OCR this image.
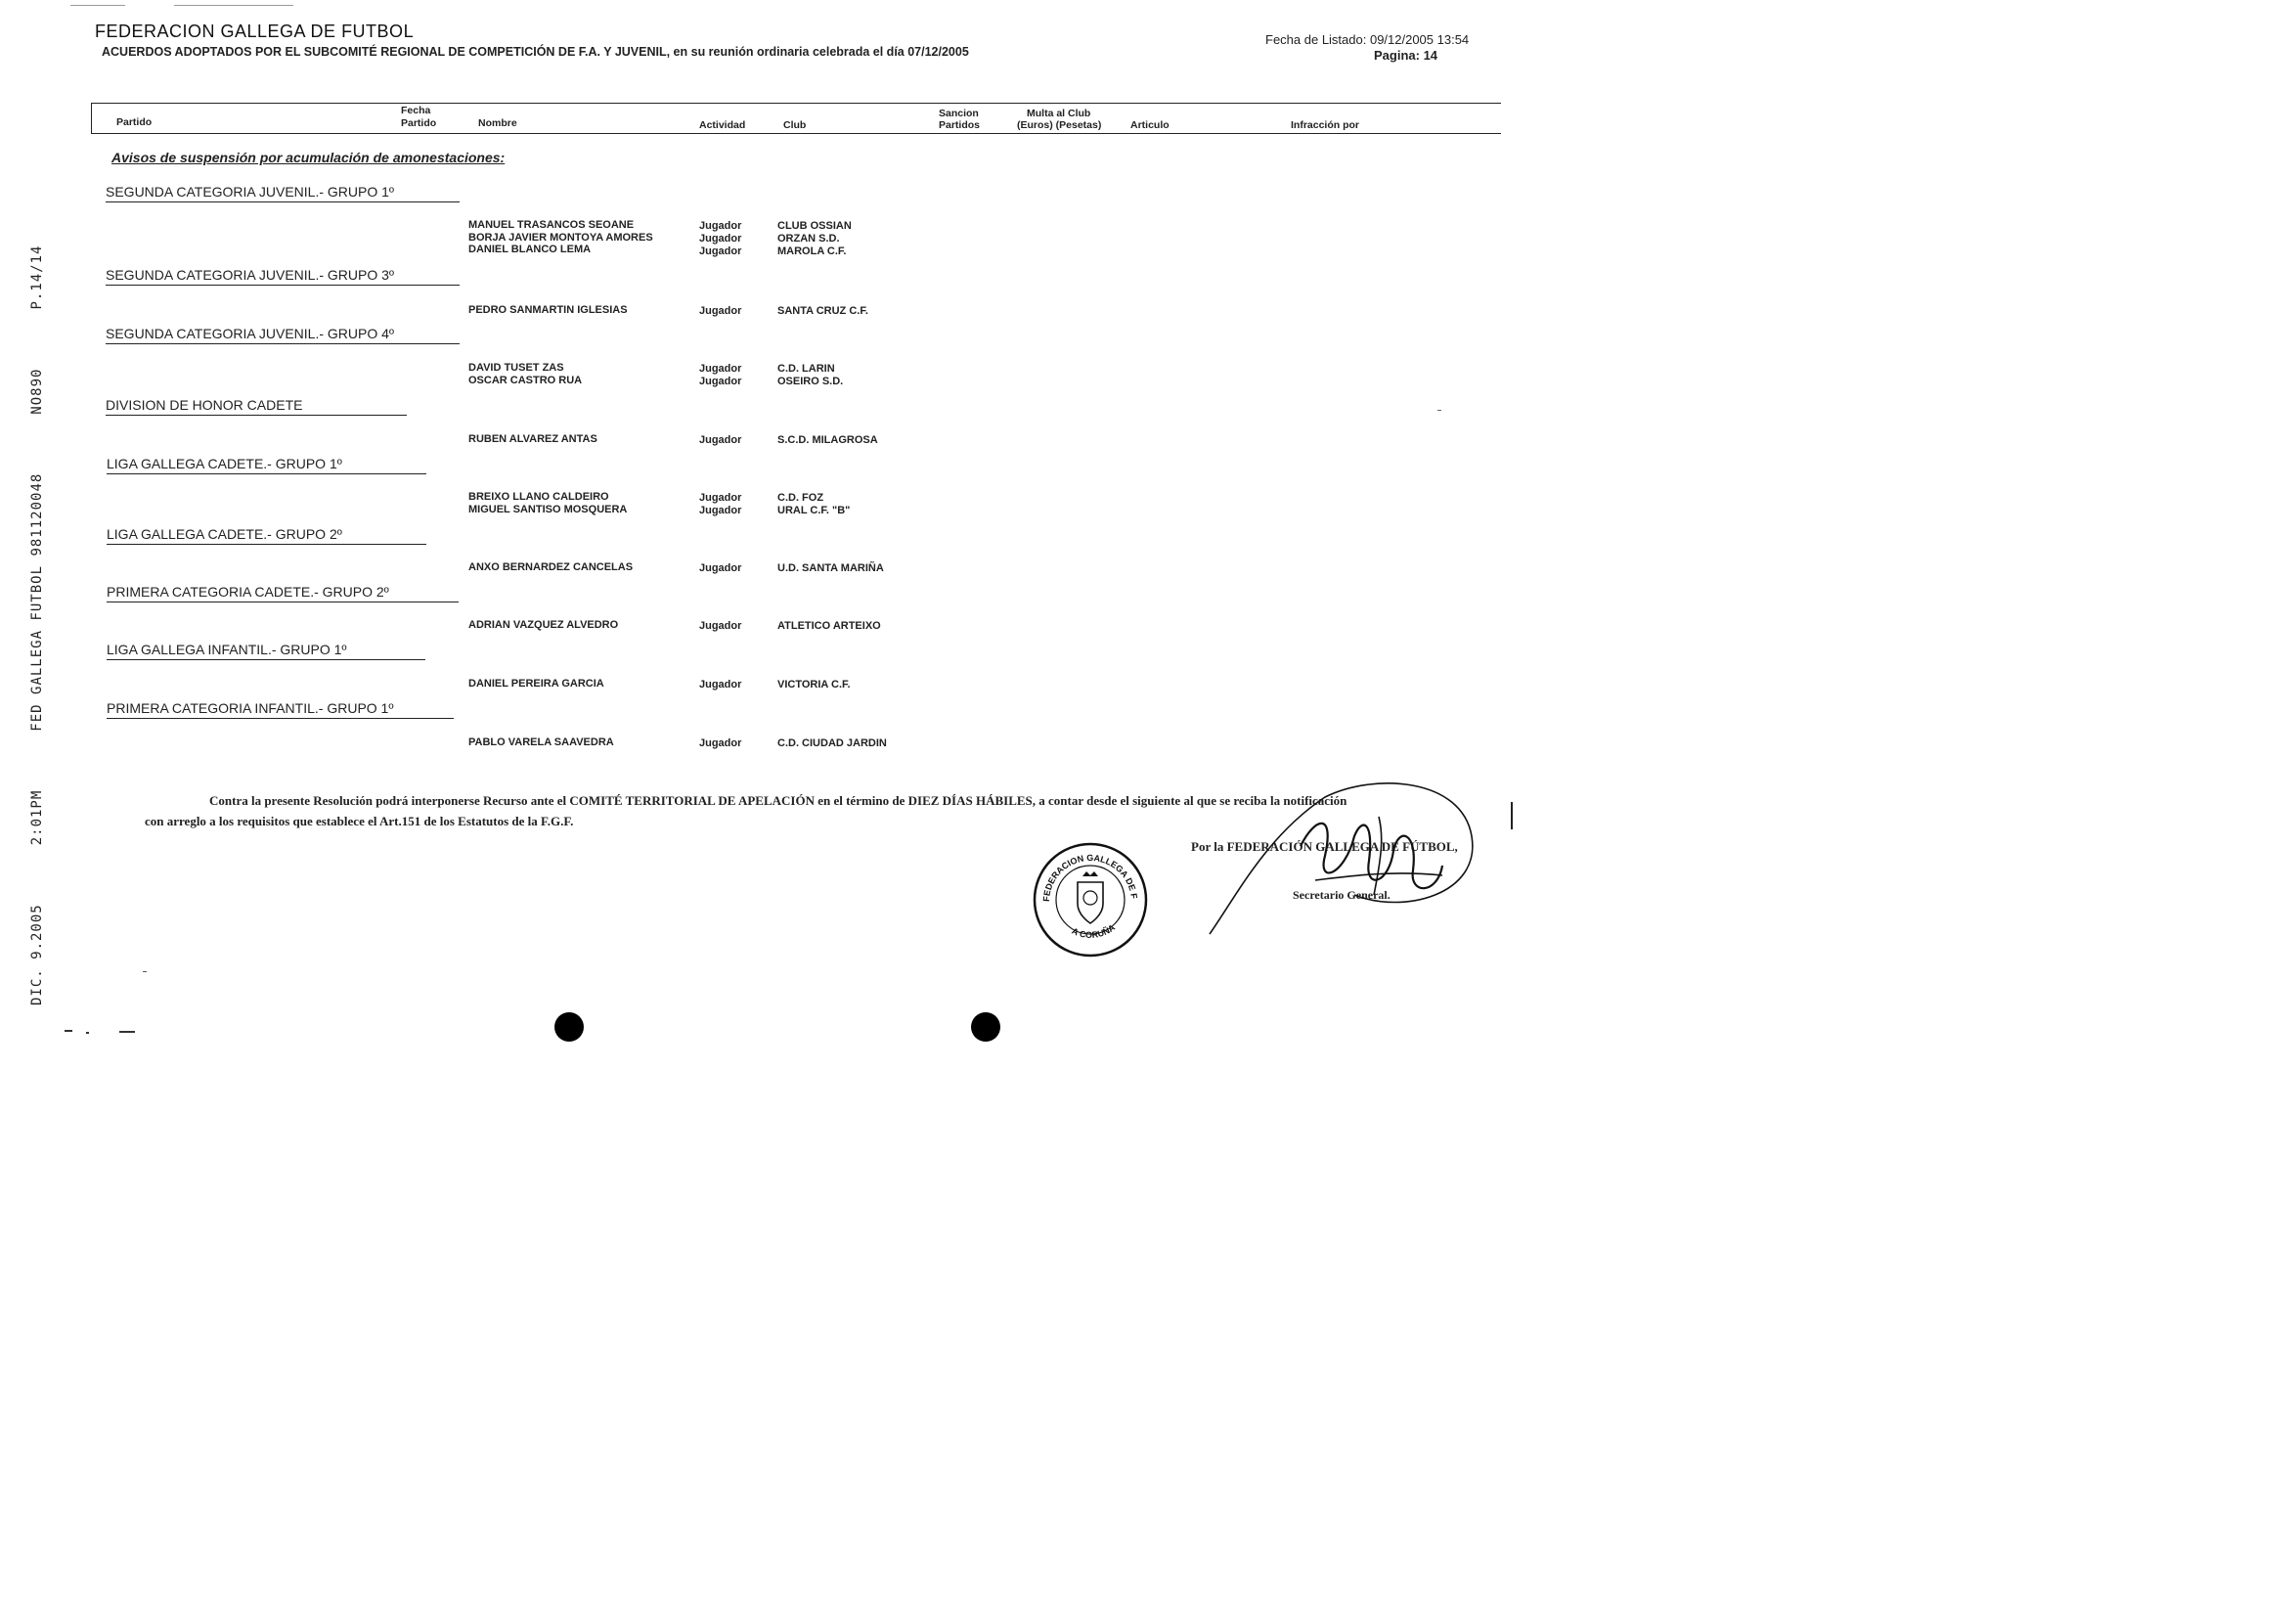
DIC. 9.20052:01PMFED GALLEGA FUTBOL 981120048NO890P.14/14
FEDERACION GALLEGA DE FUTBOL
ACUERDOS ADOPTADOS POR EL SUBCOMITÉ REGIONAL DE COMPETICIÓN DE F.A. Y JUVENIL, en su reunión ordinaria celebrada el día 07/12/2005
Fecha de Listado: 09/12/2005 13:54
Pagina: 14
Partido
Fecha
Partido	Nombre	Actividad	Club
Sancion
Partidos
Multa al Club
(Euros) (Pesetas)	Articulo	Infracción por
Avisos de suspensión por acumulación de amonestaciones:
SEGUNDA CATEGORIA JUVENIL.- GRUPO 1º
MANUEL TRASANCOS SEOANE	Jugador	CLUB OSSIAN
BORJA JAVIER MONTOYA AMORES	Jugador	ORZAN S.D.
DANIEL BLANCO LEMA	Jugador	MAROLA C.F.
SEGUNDA CATEGORIA JUVENIL.- GRUPO 3º
PEDRO SANMARTIN IGLESIAS	Jugador	SANTA CRUZ C.F.
SEGUNDA CATEGORIA JUVENIL.- GRUPO 4º
DAVID TUSET ZAS	Jugador	C.D. LARIN
OSCAR CASTRO RUA	Jugador	OSEIRO S.D.
DIVISION DE HONOR CADETE
RUBEN ALVAREZ ANTAS	Jugador	S.C.D. MILAGROSA
LIGA GALLEGA CADETE.- GRUPO 1º
BREIXO LLANO CALDEIRO	Jugador	C.D. FOZ
MIGUEL SANTISO MOSQUERA	Jugador	URAL C.F. "B"
LIGA GALLEGA CADETE.- GRUPO 2º
ANXO BERNARDEZ CANCELAS	Jugador	U.D. SANTA MARIÑA
PRIMERA CATEGORIA CADETE.- GRUPO 2º
ADRIAN VAZQUEZ ALVEDRO	Jugador	ATLETICO ARTEIXO
LIGA GALLEGA INFANTIL.- GRUPO 1º
DANIEL PEREIRA GARCIA	Jugador	VICTORIA C.F.
PRIMERA CATEGORIA INFANTIL.- GRUPO 1º
PABLO VARELA SAAVEDRA	Jugador	C.D. CIUDAD JARDIN
Contra la presente Resolución podrá interponerse Recurso ante el COMITÉ TERRITORIAL DE APELACIÓN en el término de DIEZ DÍAS HÁBILES, a contar desde el siguiente al que se reciba la notificación
con arreglo a los requisitos que establece el Art.151 de los Estatutos de la F.G.F.
Por la FEDERACIÓN GALLEGA DE FÚTBOL,
Secretario General.
FEDERACION GALLEGA DE FUTBOL
A CORUÑA
